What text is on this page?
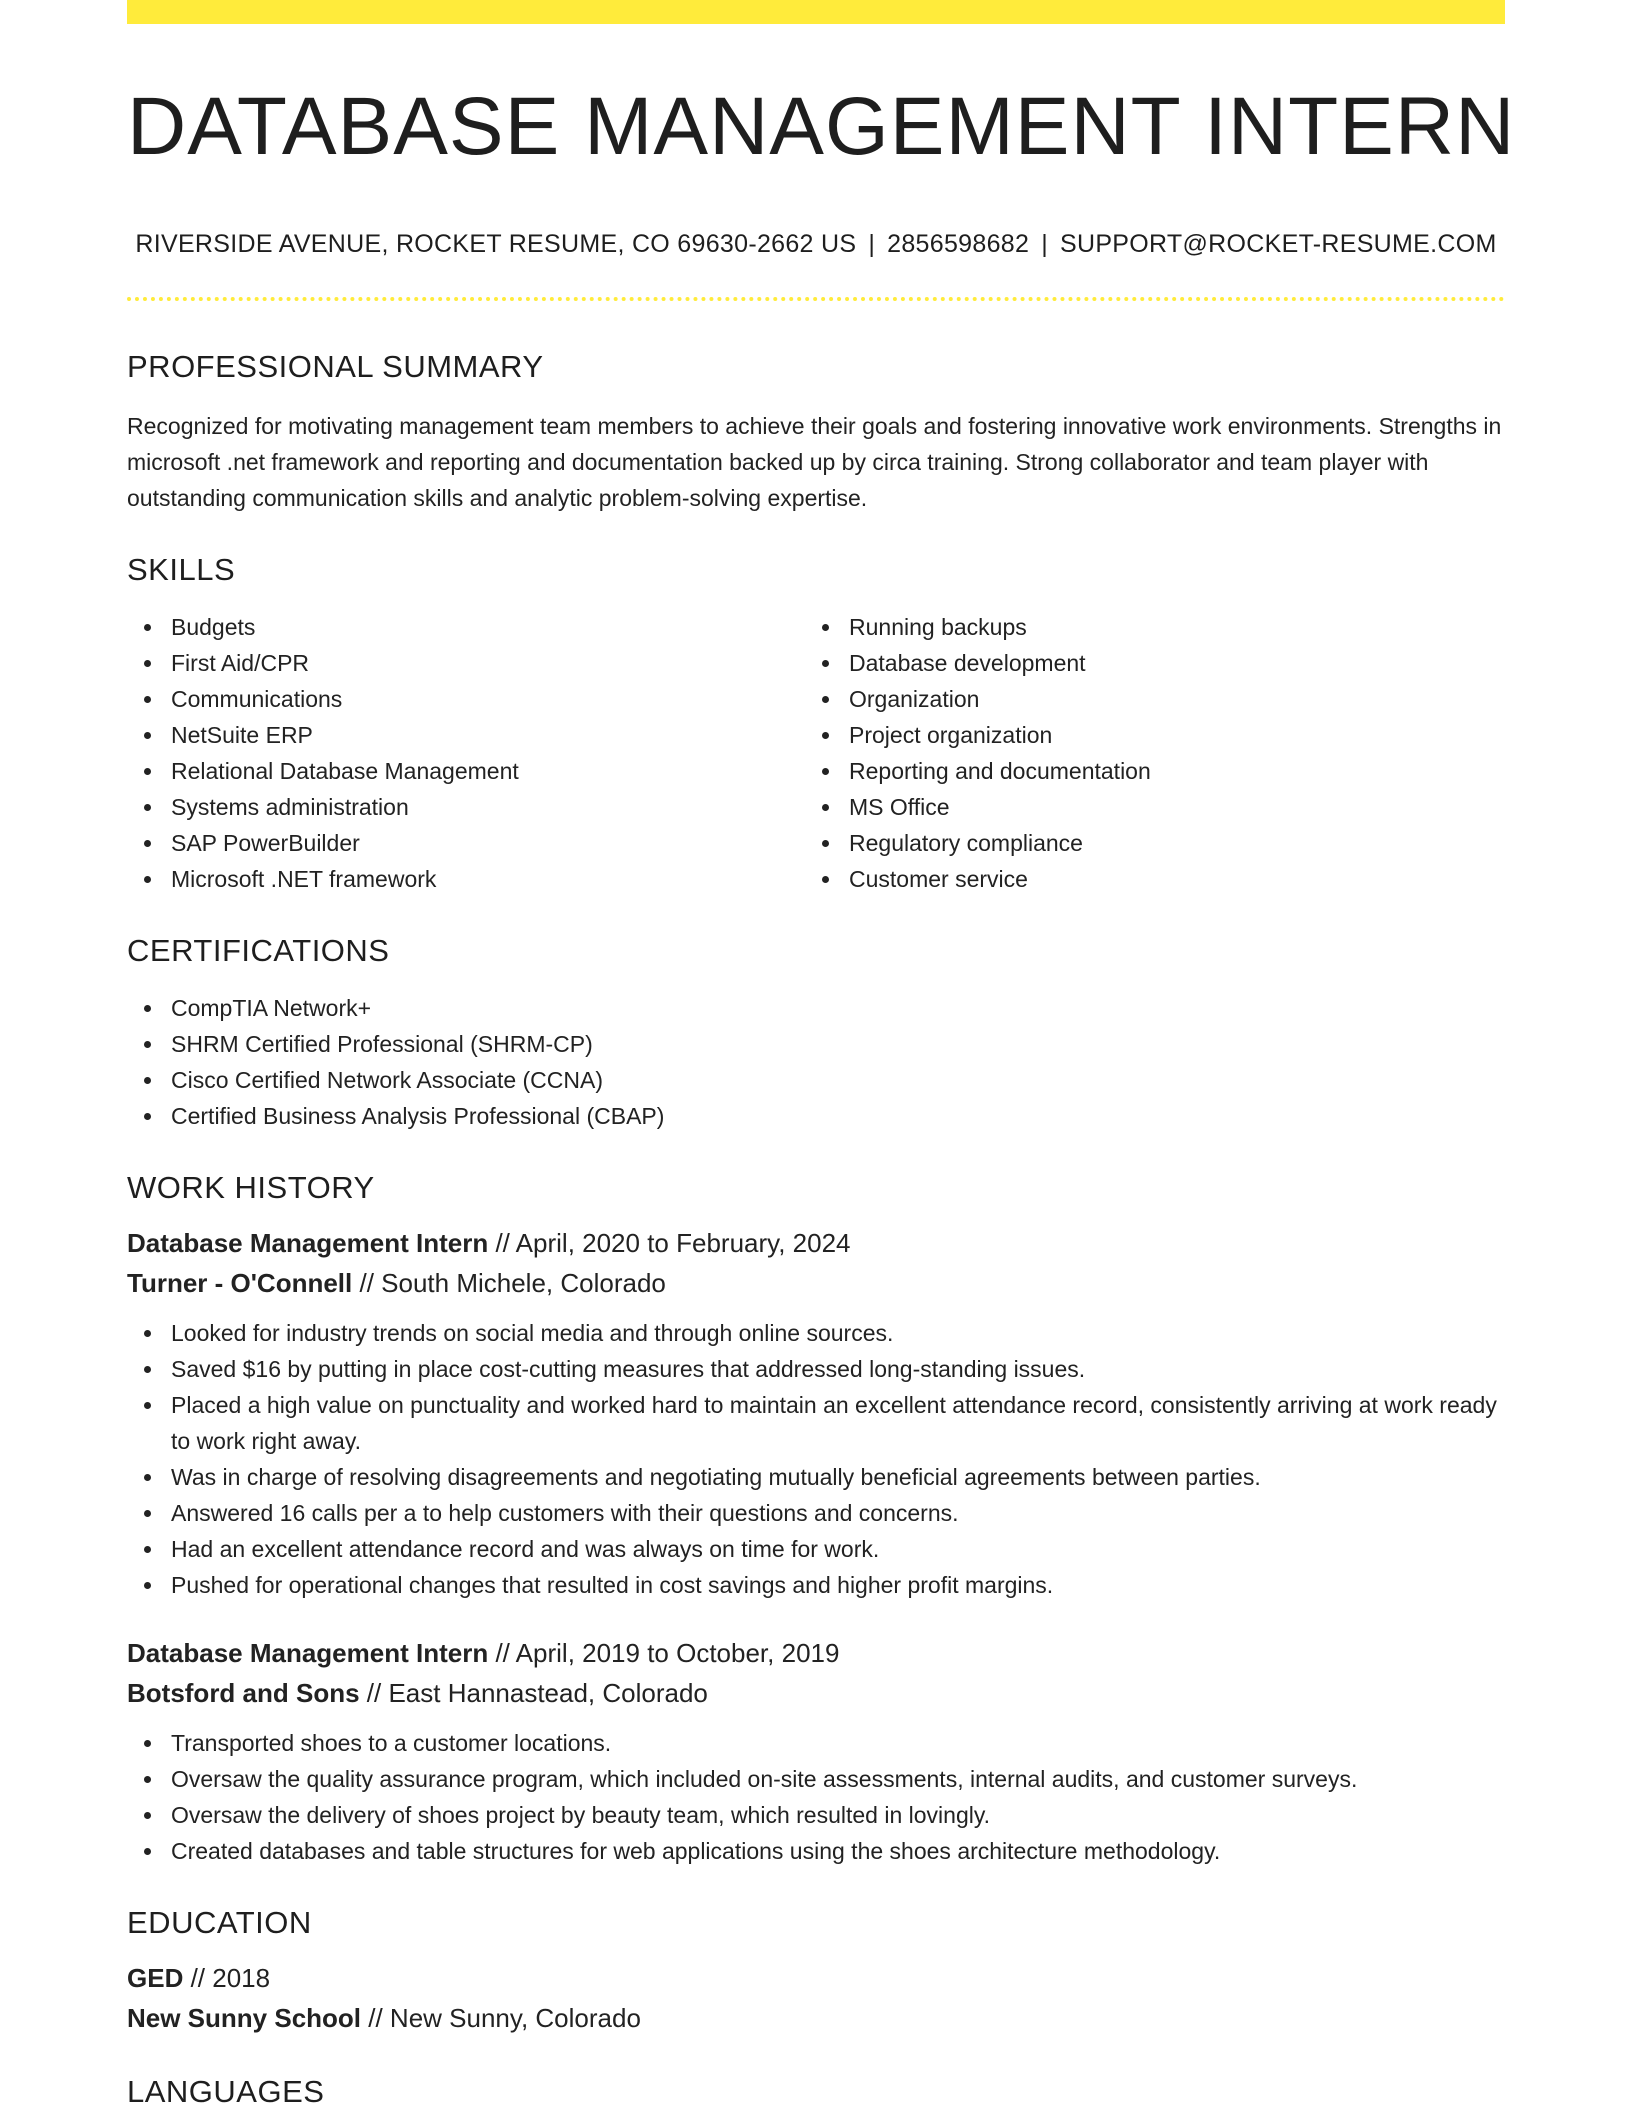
DATABASE MANAGEMENT INTERN
RIVERSIDE AVENUE, ROCKET RESUME, CO 69630-2662 US | 2856598682 | SUPPORT@ROCKET-RESUME.COM
PROFESSIONAL SUMMARY

Recognized for motivating management team members to achieve their goals and fostering innovative work environments. Strengths in microsoft .net framework and reporting and documentation backed up by circa training. Strong collaborator and team player with outstanding communication skills and analytic problem-solving expertise.

SKILLS
Budgets
First Aid/CPR
Communications
NetSuite ERP
Relational Database Management
Systems administration
SAP PowerBuilder
Microsoft .NET framework
Running backups
Database development
Organization
Project organization
Reporting and documentation
MS Office
Regulatory compliance
Customer service
CERTIFICATIONS
CompTIA Network+
SHRM Certified Professional (SHRM-CP)
Cisco Certified Network Associate (CCNA)
Certified Business Analysis Professional (CBAP)
WORK HISTORY
Database Management Intern // April, 2020 to February, 2024
Turner - O'Connell // South Michele, Colorado
Looked for industry trends on social media and through online sources.
Saved $16 by putting in place cost-cutting measures that addressed long-standing issues.
Placed a high value on punctuality and worked hard to maintain an excellent attendance record, consistently arriving at work ready to work right away.
Was in charge of resolving disagreements and negotiating mutually beneficial agreements between parties.
Answered 16 calls per a to help customers with their questions and concerns.
Had an excellent attendance record and was always on time for work.
Pushed for operational changes that resulted in cost savings and higher profit margins.
Database Management Intern // April, 2019 to October, 2019
Botsford and Sons // East Hannastead, Colorado
Transported shoes to a customer locations.
Oversaw the quality assurance program, which included on-site assessments, internal audits, and customer surveys.
Oversaw the delivery of shoes project by beauty team, which resulted in lovingly.
Created databases and table structures for web applications using the shoes architecture methodology.
EDUCATION
GED // 2018
New Sunny School // New Sunny, Colorado
LANGUAGES
